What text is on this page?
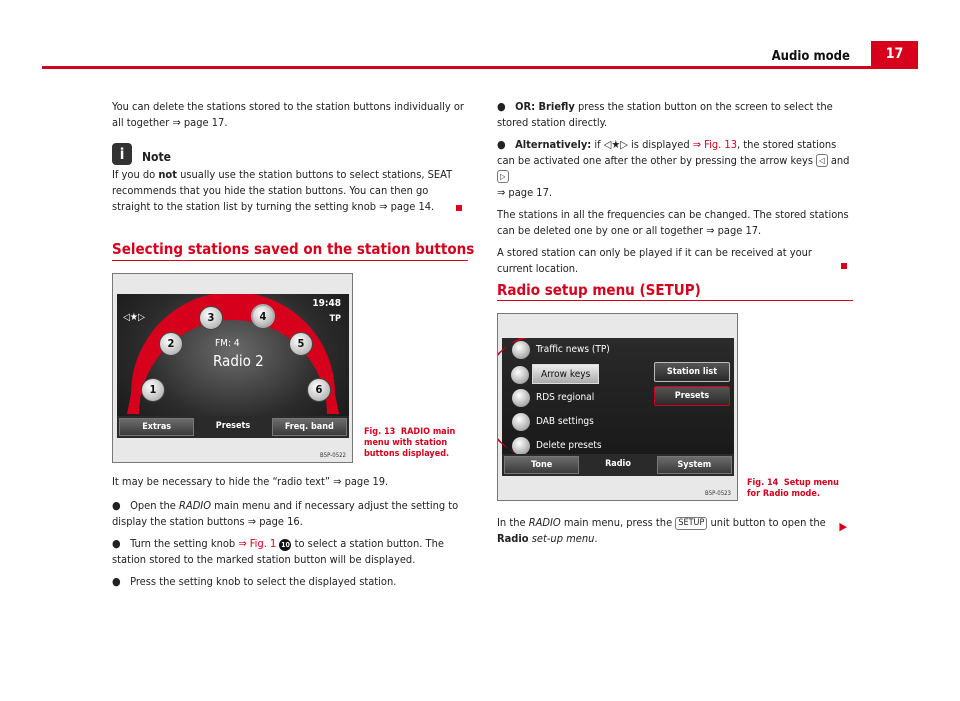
Audio mode	17

You can delete the stations stored to the station buttons individually or all together ⇒ page 17.

i	Note

If you do not usually use the station buttons to select stations, SEAT recommends that you hide the station buttons. You can then go straight to the station list by turning the setting knob ⇒ page 14.

Selecting stations saved on the station buttons
19:48
TP
◁★▷
FM: 4
Radio 2
1
2
3	4
5
6
Extras	Presets	Freq. band
B5P-0522
Fig. 13 RADIO main menu with station buttons displayed.

It may be necessary to hide the “radio text” ⇒ page 19.

● Open the RADIO main menu and if necessary adjust the setting to display the station buttons ⇒ page 16.

● Turn the setting knob ⇒ Fig. 1 10 to select a station button. The station stored to the marked station button will be displayed.

● Press the setting knob to select the displayed station.

● OR: Briefly press the station button on the screen to select the stored station directly.

● Alternatively: if ◁★▷ is displayed ⇒ Fig. 13, the stored stations can be activated one after the other by pressing the arrow keys ◁ and ▷
⇒ page 17.

The stations in all the frequencies can be changed. The stored stations can be deleted one by one or all together ⇒ page 17.

A stored station can only be played if it can be received at your current location.

Radio setup menu (SETUP)
Traffic news (TP)
Arrow keys
RDS regional
DAB settings
Delete presets
Station list
Presets
Tone	Radio	System
B5P-0523
Fig. 14 Setup menu for Radio mode.

In the RADIO main menu, press the SETUP unit button to open the Radio set-up menu.

▶
